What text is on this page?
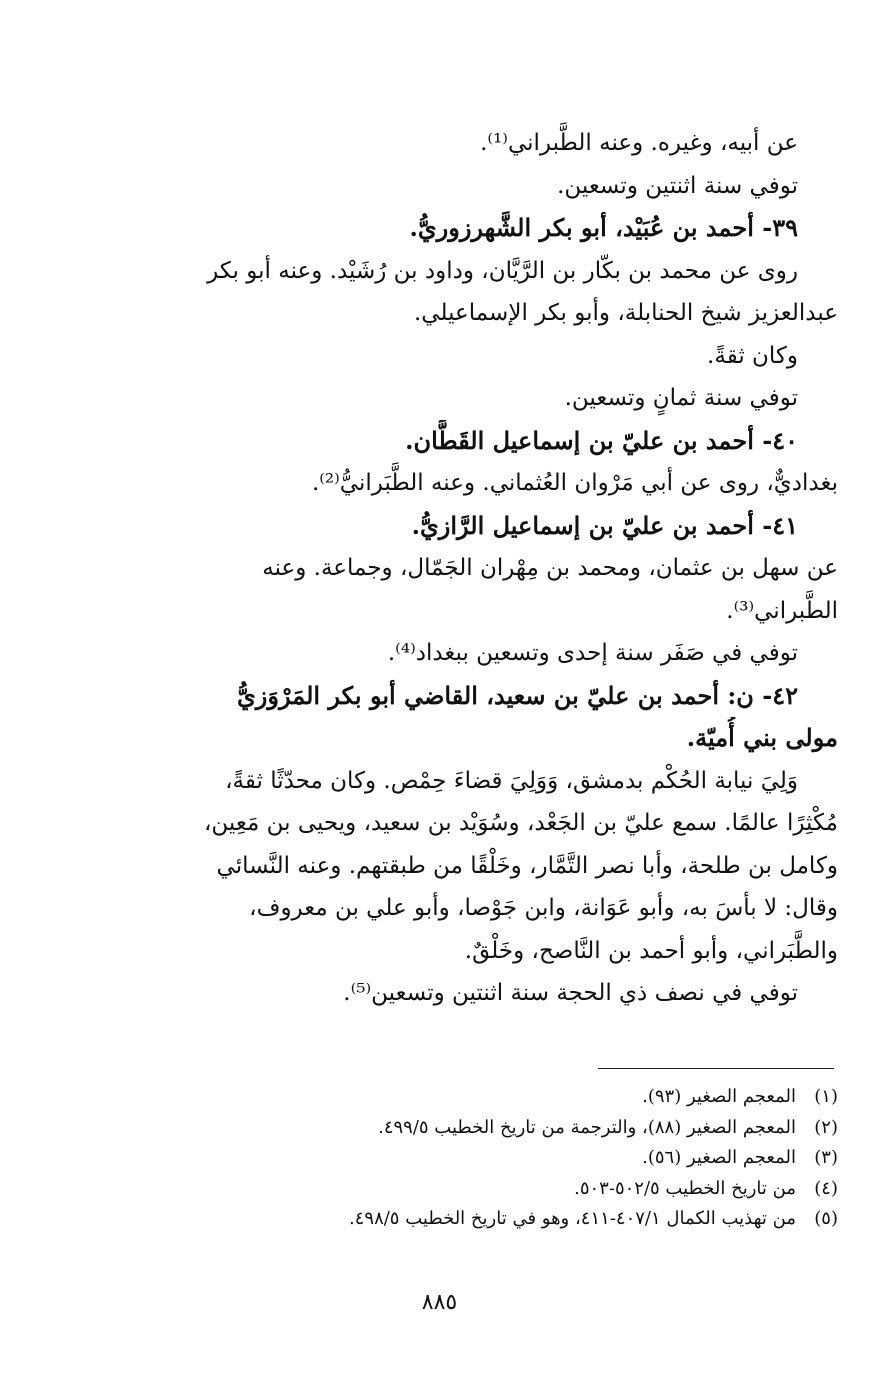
عن أبيه، وغيره. وعنه الطَّبراني⁽¹⁾.
توفي سنة اثنتين وتسعين.
٣٩- أحمد بن عُبَيْد، أبو بكر الشَّهرزوريُّ.
روى عن محمد بن بكّار بن الرَّيَّان، وداود بن رُشَيْد. وعنه أبو بكر
عبدالعزيز شيخ الحنابلة، وأبو بكر الإسماعيلي.
وكان ثقةً.
توفي سنة ثمانٍ وتسعين.
٤٠- أحمد بن عليّ بن إسماعيل القَطَّان.
بغداديٌّ، روى عن أبي مَرْوان العُثماني. وعنه الطَّبَرانيُّ⁽²⁾.
٤١- أحمد بن عليّ بن إسماعيل الرَّازيُّ.
عن سهل بن عثمان، ومحمد بن مِهْران الجَمّال، وجماعة. وعنه
الطَّبراني⁽³⁾.
توفي في صَفَر سنة إحدى وتسعين ببغداد⁽⁴⁾.
٤٢- ن: أحمد بن عليّ بن سعيد، القاضي أبو بكر المَرْوَزيُّ
مولى بني أُميّة.
وَلِيَ نيابة الحُكْم بدمشق، وَوَلِيَ قضاءَ حِمْص. وكان محدّثًا ثقةً،
مُكْثِرًا عالمًا. سمع عليّ بن الجَعْد، وسُوَيْد بن سعيد، ويحيى بن مَعِين،
وكامل بن طلحة، وأبا نصر التَّمَّار، وخَلْقًا من طبقتهم. وعنه النَّسائي
وقال: لا بأسَ به، وأبو عَوَانة، وابن جَوْصا، وأبو علي بن معروف،
والطَّبَراني، وأبو أحمد بن النَّاصح، وخَلْقٌ.
توفي في نصف ذي الحجة سنة اثنتين وتسعين⁽⁵⁾.
(١)المعجم الصغير (٩٣).
(٢)المعجم الصغير (٨٨)، والترجمة من تاريخ الخطيب ٤٩٩/٥.
(٣)المعجم الصغير (٥٦).
(٤)من تاريخ الخطيب ٥٠٢/٥-٥٠٣.
(٥)من تهذيب الكمال ٤٠٧/١-٤١١، وهو في تاريخ الخطيب ٤٩٨/٥.
٨٨٥
